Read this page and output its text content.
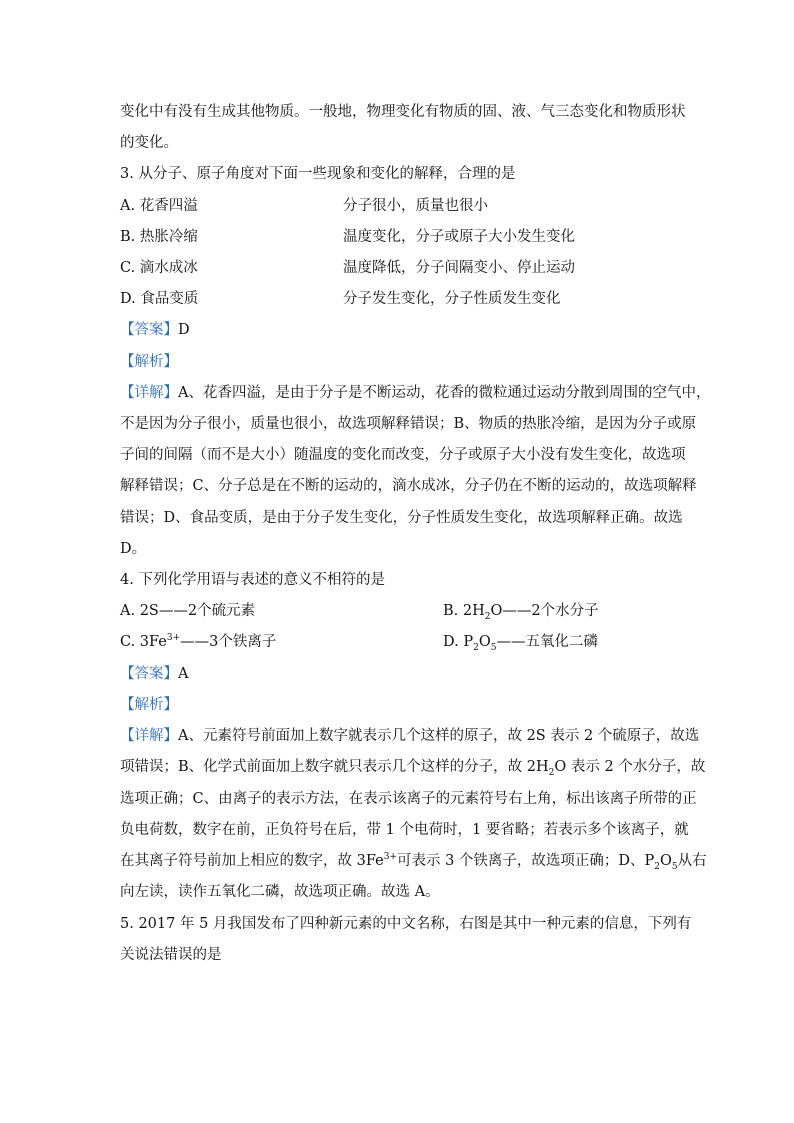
变化中有没有生成其他物质。一般地，物理变化有物质的固、液、气三态变化和物质形状
的变化。
3. 从分子、原子角度对下面一些现象和变化的解释，合理的是
A. 花香四溢	分子很小，质量也很小
B. 热胀冷缩	温度变化，分子或原子大小发生变化
C. 滴水成冰	温度降低，分子间隔变小、停止运动
D. 食品变质	分子发生变化，分子性质发生变化
【答案】D
【解析】
【详解】A、花香四溢，是由于分子是不断运动，花香的微粒通过运动分散到周围的空气中，
不是因为分子很小，质量也很小，故选项解释错误；B、物质的热胀冷缩，是因为分子或原
子间的间隔（而不是大小）随温度的变化而改变，分子或原子大小没有发生变化，故选项
解释错误；C、分子总是在不断的运动的，滴水成冰，分子仍在不断的运动的，故选项解释
错误；D、食品变质，是由于分子发生变化，分子性质发生变化，故选项解释正确。故选
D。
4. 下列化学用语与表述的意义不相符的是
A. 2S——2个硫元素	B. $2H_2O——2$个水分子
C. $3Fe^{3+}——3$个铁离子	D. $P_2O_5——$五氧化二磷
【答案】A
【解析】
【详解】A、元素符号前面加上数字就表示几个这样的原子，故 2S 表示 2 个硫原子，故选
项错误；B、化学式前面加上数字就只表示几个这样的分子，故 $2H_2O$ 表示 2 个水分子，故
选项正确；C、由离子的表示方法，在表示该离子的元素符号右上角，标出该离子所带的正
负电荷数，数字在前，正负符号在后，带 1 个电荷时，1 要省略；若表示多个该离子，就
在其离子符号前加上相应的数字，故 $3Fe^{3+}$可表示 3 个铁离子，故选项正确；D、$P_2O_5$从右
向左读，读作五氧化二磷，故选项正确。故选 A。
5. 2017 年 5 月我国发布了四种新元素的中文名称，右图是其中一种元素的信息，下列有
关说法错误的是
